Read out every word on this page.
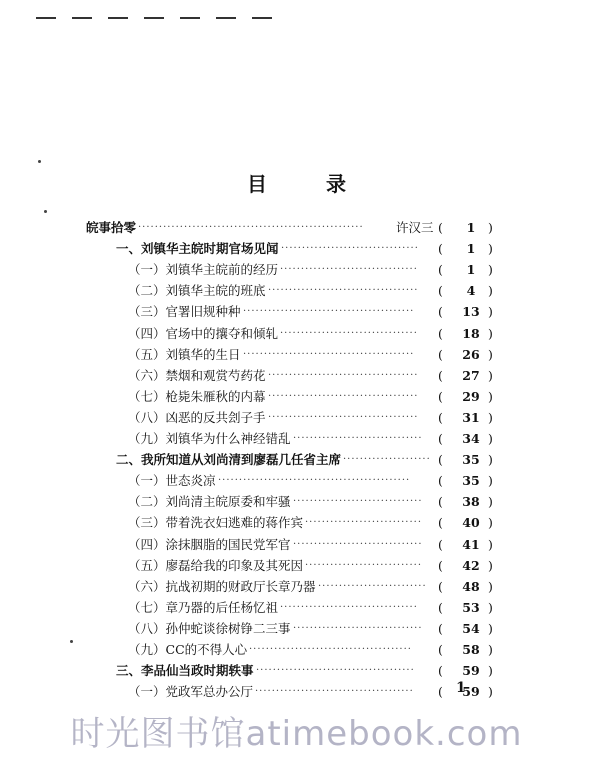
目 录
皖事拾零 ······················································	许汉三 (	1	)
一、刘镇华主皖时期官场见闻 ·································	(	1	)
（一）刘镇华主皖前的经历 ·································	(	1	)
（二）刘镇华主皖的班底 ····································	(	4	)
（三）官署旧规种种 ·········································	(	13 )
（四）官场中的攘夺和倾轧 ·································	(	18 )
（五）刘镇华的生日 ·········································	(	26 )
（六）禁烟和观赏芍药花 ····································	(	27 )
（七）枪毙朱雁秋的内幕 ····································	(	29 )
（八）凶恶的反共刽子手 ····································	(	31 )
（九）刘镇华为什么神经错乱 ·······························	(	34 )
二、我所知道从刘尚清到廖磊几任省主席 ····················· (	35 )
（一）世态炎凉 ··············································	(	35 )
（二）刘尚清主皖原委和牢骚 ·······························	(	38 )
（三）带着洗衣妇逃难的蒋作宾 ····························	(	40 )
（四）涂抹胭脂的国民党军官 ·······························	(	41 )
（五）廖磊给我的印象及其死因 ····························	(	42 )
（六）抗战初期的财政厅长章乃器 ·························· (	48 )
（七）章乃器的后任杨忆祖 ·································	(	53 )
（八）孙仲蛇谈徐树铮二三事 ·······························	(	54 )
（九）CC的不得人心 ·······································	(	58 )
三、李品仙当政时期轶事 ······································	(	59 )
（一）党政军总办公厅 ······································	(	59 )
1
时光图书馆atimebook.com
